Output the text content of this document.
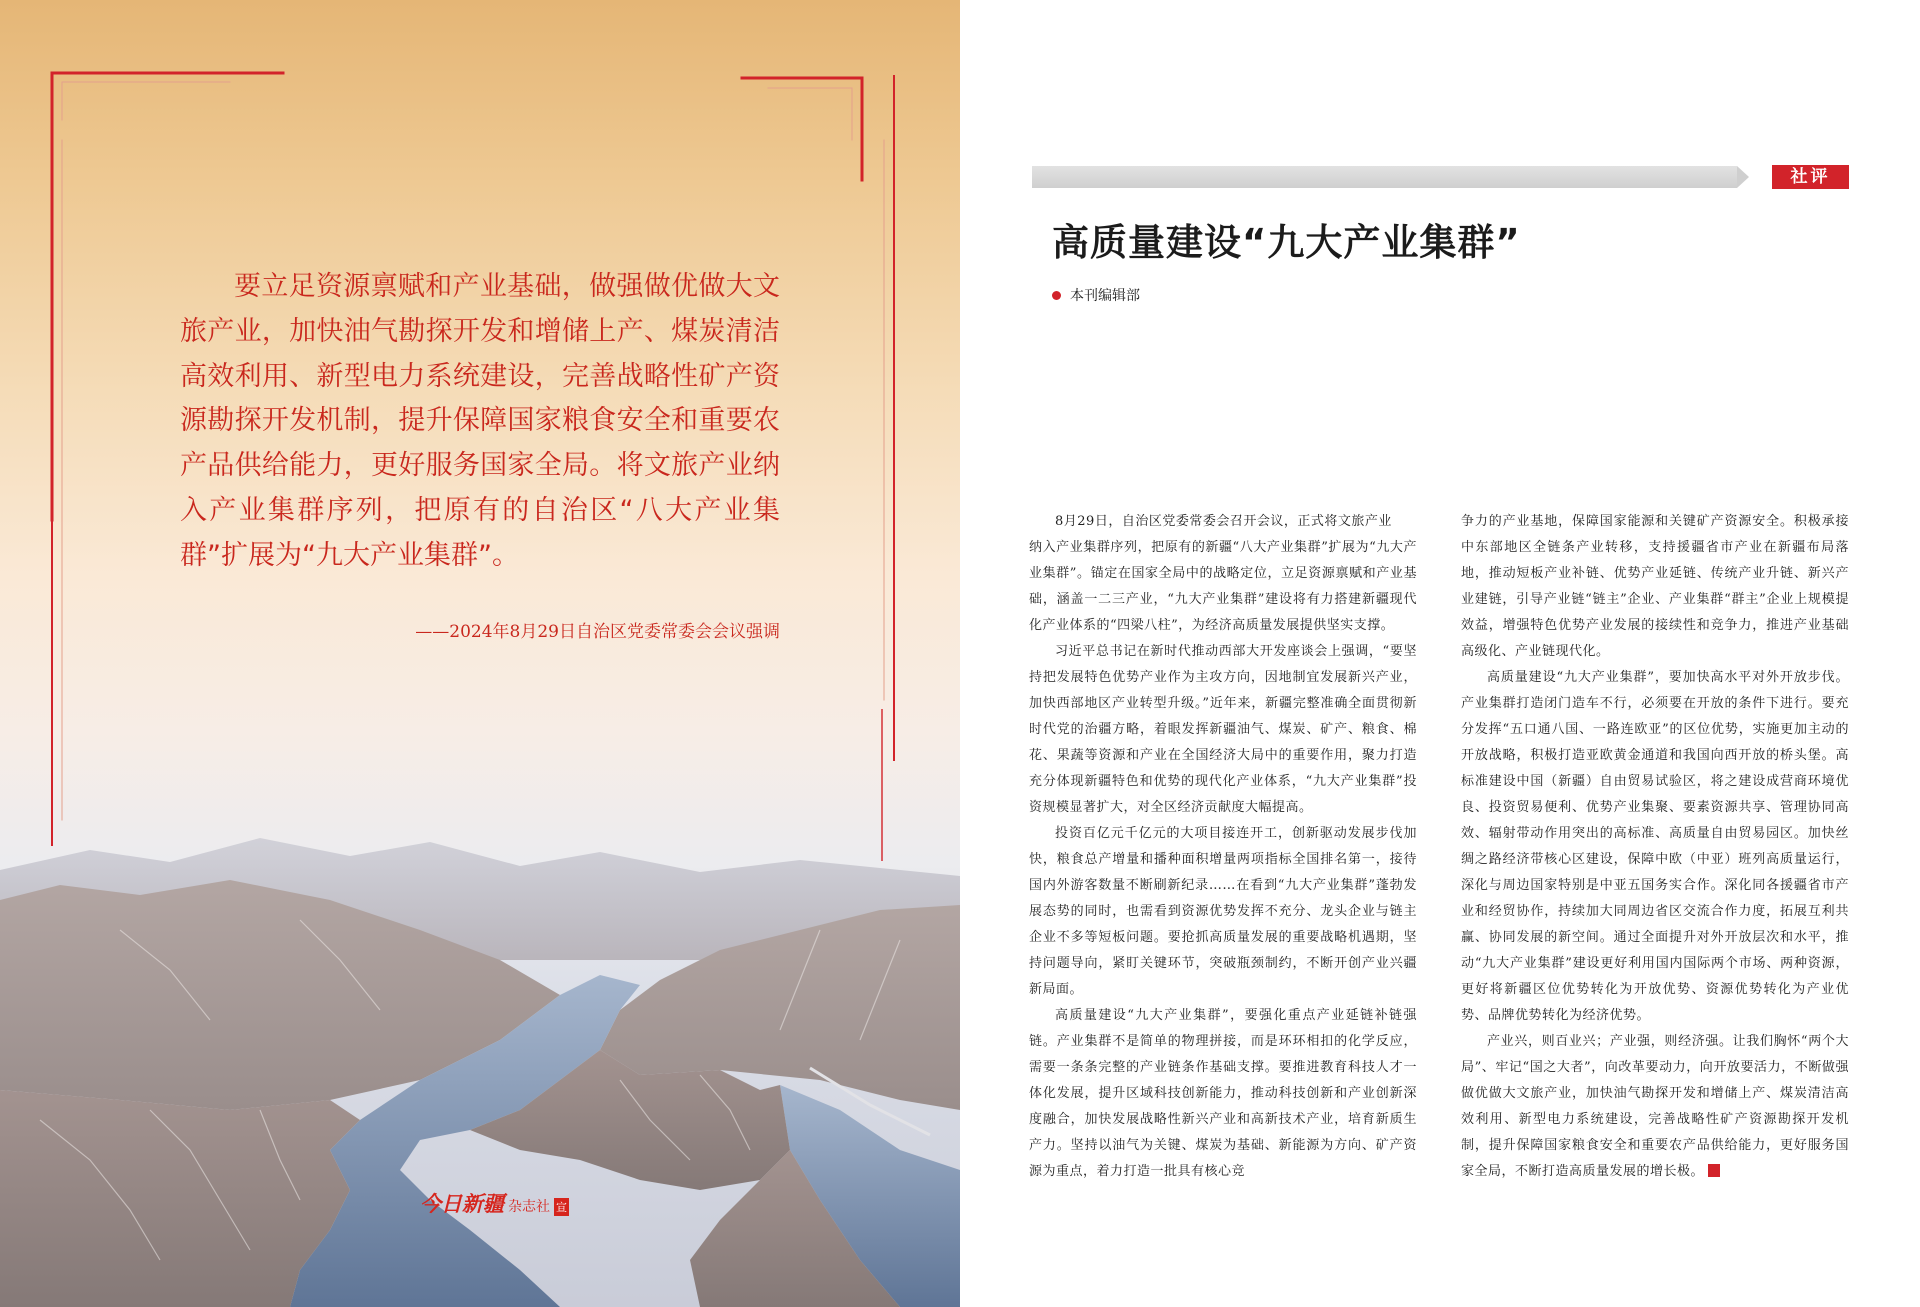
要立足资源禀赋和产业基础，做强做优做大文旅产业，加快油气勘探开发和增储上产、煤炭清洁高效利用、新型电力系统建设，完善战略性矿产资源勘探开发机制，提升保障国家粮食安全和重要农产品供给能力，更好服务国家全局。将文旅产业纳入产业集群序列，把原有的自治区“八大产业集群”扩展为“九大产业集群”。

——2024年8月29日自治区党委常委会会议强调
今日新疆 杂志社 宣
社评
高质量建设“九大产业集群”
本刊编辑部

8月29日，自治区党委常委会召开会议，正式将文旅产业

纳入产业集群序列，把原有的新疆“八大产业集群”扩展为“九大产业集群”。锚定在国家全局中的战略定位，立足资源禀赋和产业基础，涵盖一二三产业，“九大产业集群”建设将有力搭建新疆现代化产业体系的“四梁八柱”，为经济高质量发展提供坚实支撑。

习近平总书记在新时代推动西部大开发座谈会上强调，“要坚持把发展特色优势产业作为主攻方向，因地制宜发展新兴产业，加快西部地区产业转型升级。”近年来，新疆完整准确全面贯彻新时代党的治疆方略，着眼发挥新疆油气、煤炭、矿产、粮食、棉花、果蔬等资源和产业在全国经济大局中的重要作用，聚力打造充分体现新疆特色和优势的现代化产业体系，“九大产业集群”投资规模显著扩大，对全区经济贡献度大幅提高。

投资百亿元千亿元的大项目接连开工，创新驱动发展步伐加快，粮食总产增量和播种面积增量两项指标全国排名第一，接待国内外游客数量不断刷新纪录……在看到“九大产业集群”蓬勃发展态势的同时，也需看到资源优势发挥不充分、龙头企业与链主企业不多等短板问题。要抢抓高质量发展的重要战略机遇期，坚持问题导向，紧盯关键环节，突破瓶颈制约，不断开创产业兴疆新局面。

高质量建设“九大产业集群”，要强化重点产业延链补链强链。产业集群不是简单的物理拼接，而是环环相扣的化学反应，需要一条条完整的产业链条作基础支撑。要推进教育科技人才一体化发展，提升区域科技创新能力，推动科技创新和产业创新深度融合，加快发展战略性新兴产业和高新技术产业，培育新质生产力。坚持以油气为关键、煤炭为基础、新能源为方向、矿产资源为重点，着力打造一批具有核心竞

争力的产业基地，保障国家能源和关键矿产资源安全。积极承接中东部地区全链条产业转移，支持援疆省市产业在新疆布局落地，推动短板产业补链、优势产业延链、传统产业升链、新兴产业建链，引导产业链“链主”企业、产业集群“群主”企业上规模提效益，增强特色优势产业发展的接续性和竞争力，推进产业基础高级化、产业链现代化。

高质量建设“九大产业集群”，要加快高水平对外开放步伐。产业集群打造闭门造车不行，必须要在开放的条件下进行。要充分发挥“五口通八国、一路连欧亚”的区位优势，实施更加主动的开放战略，积极打造亚欧黄金通道和我国向西开放的桥头堡。高标准建设中国（新疆）自由贸易试验区，将之建设成营商环境优良、投资贸易便利、优势产业集聚、要素资源共享、管理协同高效、辐射带动作用突出的高标准、高质量自由贸易园区。加快丝绸之路经济带核心区建设，保障中欧（中亚）班列高质量运行，深化与周边国家特别是中亚五国务实合作。深化同各援疆省市产业和经贸协作，持续加大同周边省区交流合作力度，拓展互利共赢、协同发展的新空间。通过全面提升对外开放层次和水平，推动“九大产业集群”建设更好利用国内国际两个市场、两种资源，更好将新疆区位优势转化为开放优势、资源优势转化为产业优势、品牌优势转化为经济优势。

产业兴，则百业兴；产业强，则经济强。让我们胸怀“两个大局”、牢记“国之大者”，向改革要动力，向开放要活力，不断做强做优做大文旅产业，加快油气勘探开发和增储上产、煤炭清洁高效利用、新型电力系统建设，完善战略性矿产资源勘探开发机制，提升保障国家粮食安全和重要农产品供给能力，更好服务国家全局，不断打造高质量发展的增长极。
